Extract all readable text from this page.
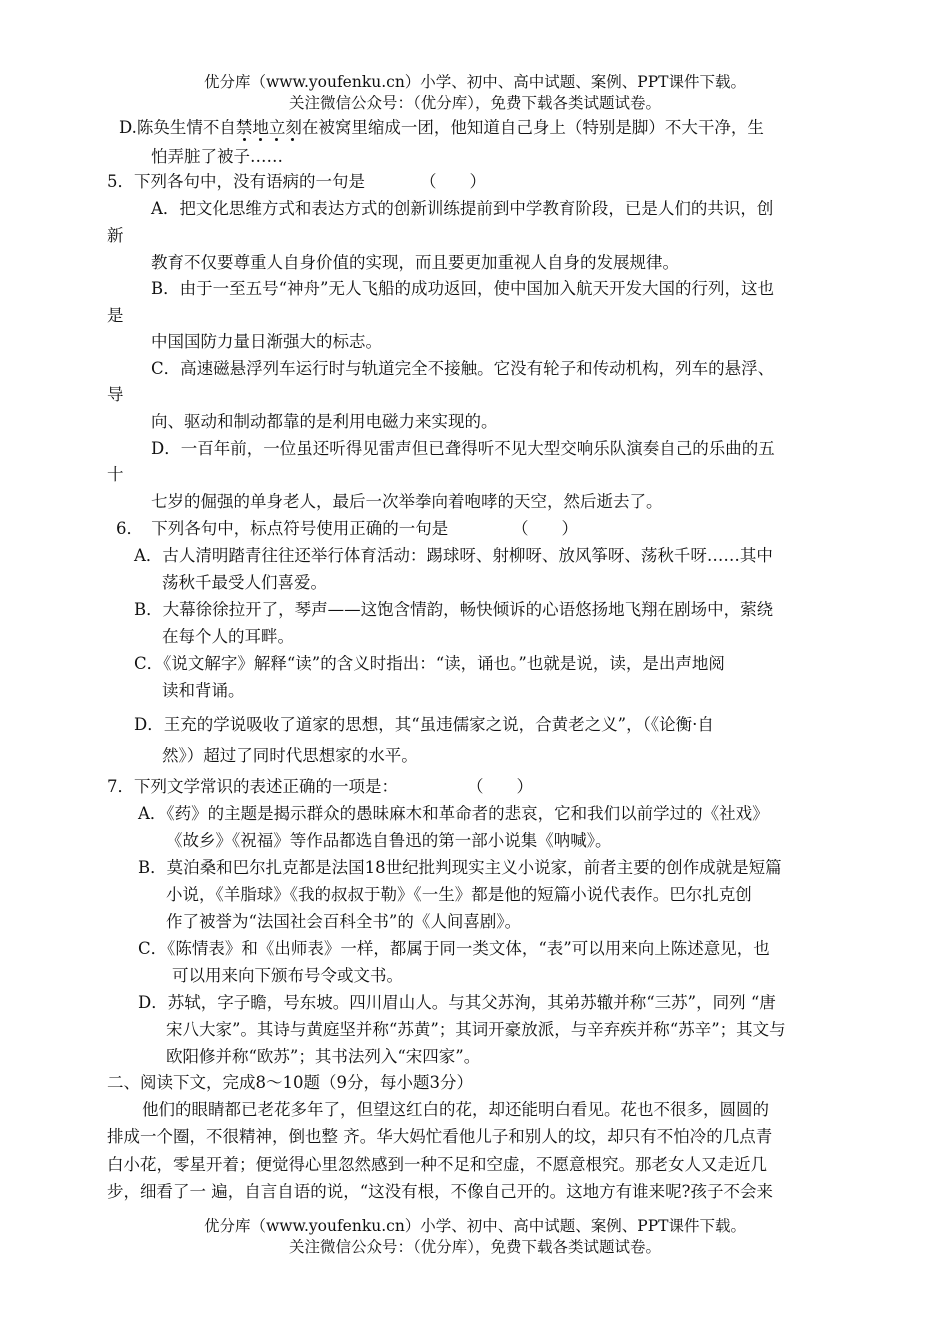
优分库（www.youfenku.cn）小学、初中、高中试题、案例、PPT课件下载。
关注微信公众号：（优分库），免费下载各类试题试卷。
D.陈奂生情不自禁地立刻在被窝里缩成一团，他知道自己身上（特别是脚）不大干净，生
怕弄脏了被子……
5．下列各句中，没有语病的一句是	（　　）
A．把文化思维方式和表达方式的创新训练提前到中学教育阶段，已是人们的共识，创
新
教育不仅要尊重人自身价值的实现，而且要更加重视人自身的发展规律。
B．由于一至五号“神舟”无人飞船的成功返回，使中国加入航天开发大国的行列，这也
是
中国国防力量日渐强大的标志。
C．高速磁悬浮列车运行时与轨道完全不接触。它没有轮子和传动机构，列车的悬浮、
导
向、驱动和制动都靠的是利用电磁力来实现的。
D．一百年前，一位虽还听得见雷声但已聋得听不见大型交响乐队演奏自己的乐曲的五
十
七岁的倔强的单身老人，最后一次举拳向着咆哮的天空，然后逝去了。
6．　下列各句中，标点符号使用正确的一句是	（　　）
A．古人清明踏青往往还举行体育活动：踢球呀、射柳呀、放风筝呀、荡秋千呀……其中
荡秋千最受人们喜爱。
B．大幕徐徐拉开了，琴声——这饱含情韵，畅快倾诉的心语悠扬地飞翔在剧场中，萦绕
在每个人的耳畔。
C．《说文解字》解释“读”的含义时指出：“读，诵也。”也就是说，读，是出声地阅
读和背诵。
D．王充的学说吸收了道家的思想，其“虽违儒家之说，合黄老之义”，（《论衡·自
然》）超过了同时代思想家的水平。
7．下列文学常识的表述正确的一项是：	（　　）
A．《药》的主题是揭示群众的愚昧麻木和革命者的悲哀，它和我们以前学过的《社戏》
《故乡》《祝福》等作品都选自鲁迅的第一部小说集《呐喊》。
B．莫泊桑和巴尔扎克都是法国18世纪批判现实主义小说家，前者主要的创作成就是短篇
小说，《羊脂球》《我的叔叔于勒》《一生》都是他的短篇小说代表作。巴尔扎克创
作了被誉为“法国社会百科全书”的《人间喜剧》。
C．《陈情表》和《出师表》一样，都属于同一类文体，“表”可以用来向上陈述意见，也
可以用来向下颁布号令或文书。
D．苏轼，字子瞻，号东坡。四川眉山人。与其父苏洵，其弟苏辙并称“三苏”，同列 “唐
宋八大家”。其诗与黄庭坚并称“苏黄”；其词开豪放派，与辛弃疾并称“苏辛”；其文与
欧阳修并称“欧苏”；其书法列入“宋四家”。
二、阅读下文，完成8～10题（9分，每小题3分）
他们的眼睛都已老花多年了，但望这红白的花，却还能明白看见。花也不很多，圆圆的
排成一个圈，不很精神，倒也整 齐。华大妈忙看他儿子和别人的坟，却只有不怕冷的几点青
白小花，零星开着；便觉得心里忽然感到一种不足和空虚，不愿意根究。那老女人又走近几
步，细看了一 遍，自言自语的说，“这没有根，不像自己开的。这地方有谁来呢?孩子不会来
优分库（www.youfenku.cn）小学、初中、高中试题、案例、PPT课件下载。
关注微信公众号：（优分库），免费下载各类试题试卷。
